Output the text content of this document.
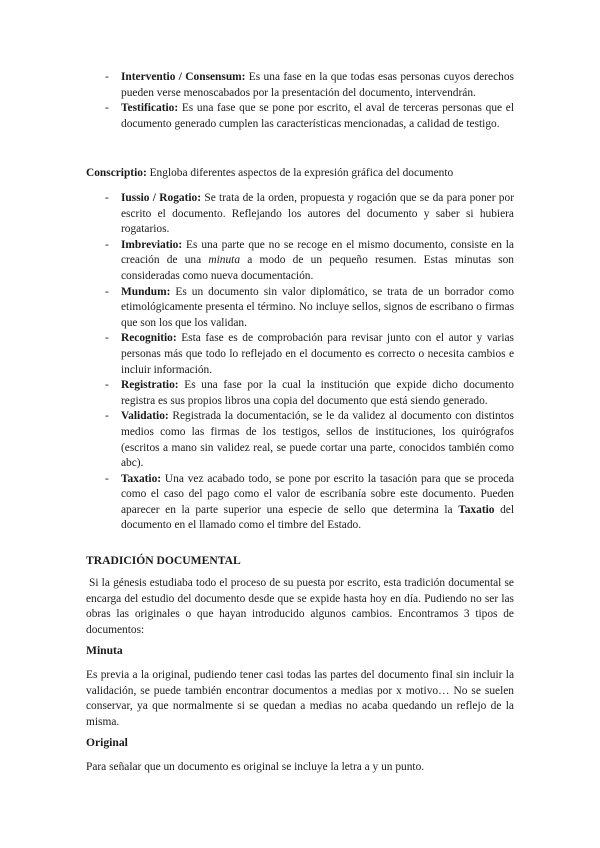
- Interventio / Consensum: Es una fase en la que todas esas personas cuyos derechos pueden verse menoscabados por la presentación del documento, intervendrán.
- Testificatio: Es una fase que se pone por escrito, el aval de terceras personas que el documento generado cumplen las características mencionadas, a calidad de testigo.

Conscriptio: Engloba diferentes aspectos de la expresión gráfica del documento

- Iussio / Rogatio: Se trata de la orden, propuesta y rogación que se da para poner por escrito el documento. Reflejando los autores del documento y saber si hubiera rogatarios.
- Imbreviatio: Es una parte que no se recoge en el mismo documento, consiste en la creación de una minuta a modo de un pequeño resumen. Estas minutas son consideradas como nueva documentación.
- Mundum: Es un documento sin valor diplomático, se trata de un borrador como etimológicamente presenta el término. No incluye sellos, signos de escribano o firmas que son los que los validan.
- Recognitio: Esta fase es de comprobación para revisar junto con el autor y varias personas más que todo lo reflejado en el documento es correcto o necesita cambios e incluir información.
- Registratio: Es una fase por la cual la institución que expide dicho documento registra es sus propios libros una copia del documento que está siendo generado.
- Validatio: Registrada la documentación, se le da validez al documento con distintos medios como las firmas de los testigos, sellos de instituciones, los quirógrafos (escritos a mano sin validez real, se puede cortar una parte, conocidos también como abc).
- Taxatio: Una vez acabado todo, se pone por escrito la tasación para que se proceda como el caso del pago como el valor de escribanía sobre este documento. Pueden aparecer en la parte superior una especie de sello que determina la Taxatio del documento en el llamado como el timbre del Estado.

TRADICIÓN DOCUMENTAL

Si la génesis estudiaba todo el proceso de su puesta por escrito, esta tradición documental se encarga del estudio del documento desde que se expide hasta hoy en día. Pudiendo no ser las obras las originales o que hayan introducido algunos cambios. Encontramos 3 tipos de documentos:

Minuta

Es previa a la original, pudiendo tener casi todas las partes del documento final sin incluir la validación, se puede también encontrar documentos a medias por x motivo… No se suelen conservar, ya que normalmente si se quedan a medias no acaba quedando un reflejo de la misma.

Original

Para señalar que un documento es original se incluye la letra a y un punto.
